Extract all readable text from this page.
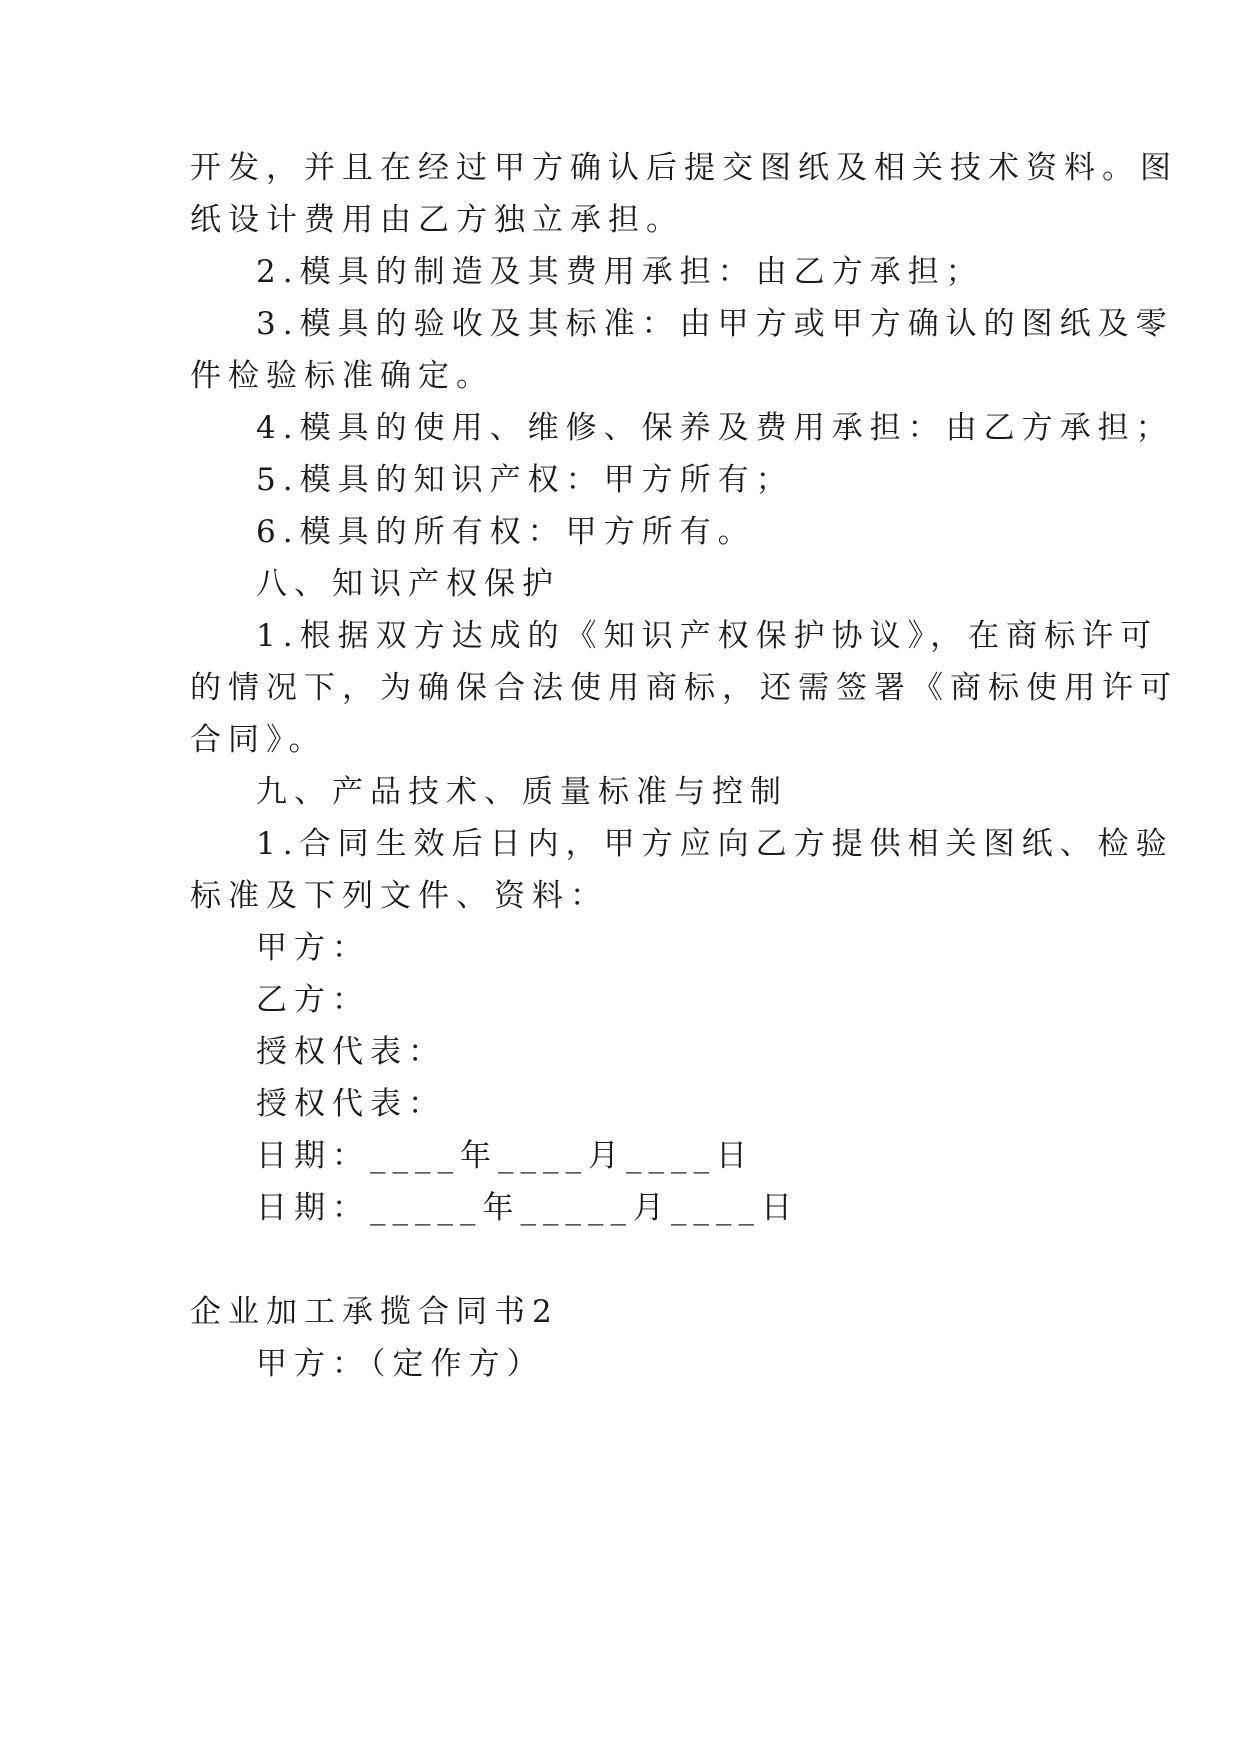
开发，并且在经过甲方确认后提交图纸及相关技术资料。图

纸设计费用由乙方独立承担。

2.模具的制造及其费用承担：由乙方承担；

3.模具的验收及其标准：由甲方或甲方确认的图纸及零

件检验标准确定。

4.模具的使用、维修、保养及费用承担：由乙方承担；

5.模具的知识产权：甲方所有；

6.模具的所有权：甲方所有。

八、知识产权保护

1.根据双方达成的《知识产权保护协议》，在商标许可

的情况下，为确保合法使用商标，还需签署《商标使用许可

合同》。

九、产品技术、质量标准与控制

1.合同生效后日内，甲方应向乙方提供相关图纸、检验

标准及下列文件、资料：

甲方：

乙方：

授权代表：

授权代表：

日期：____年____月____日

日期：_____年_____月____日

企业加工承揽合同书2

甲方：（定作方）
